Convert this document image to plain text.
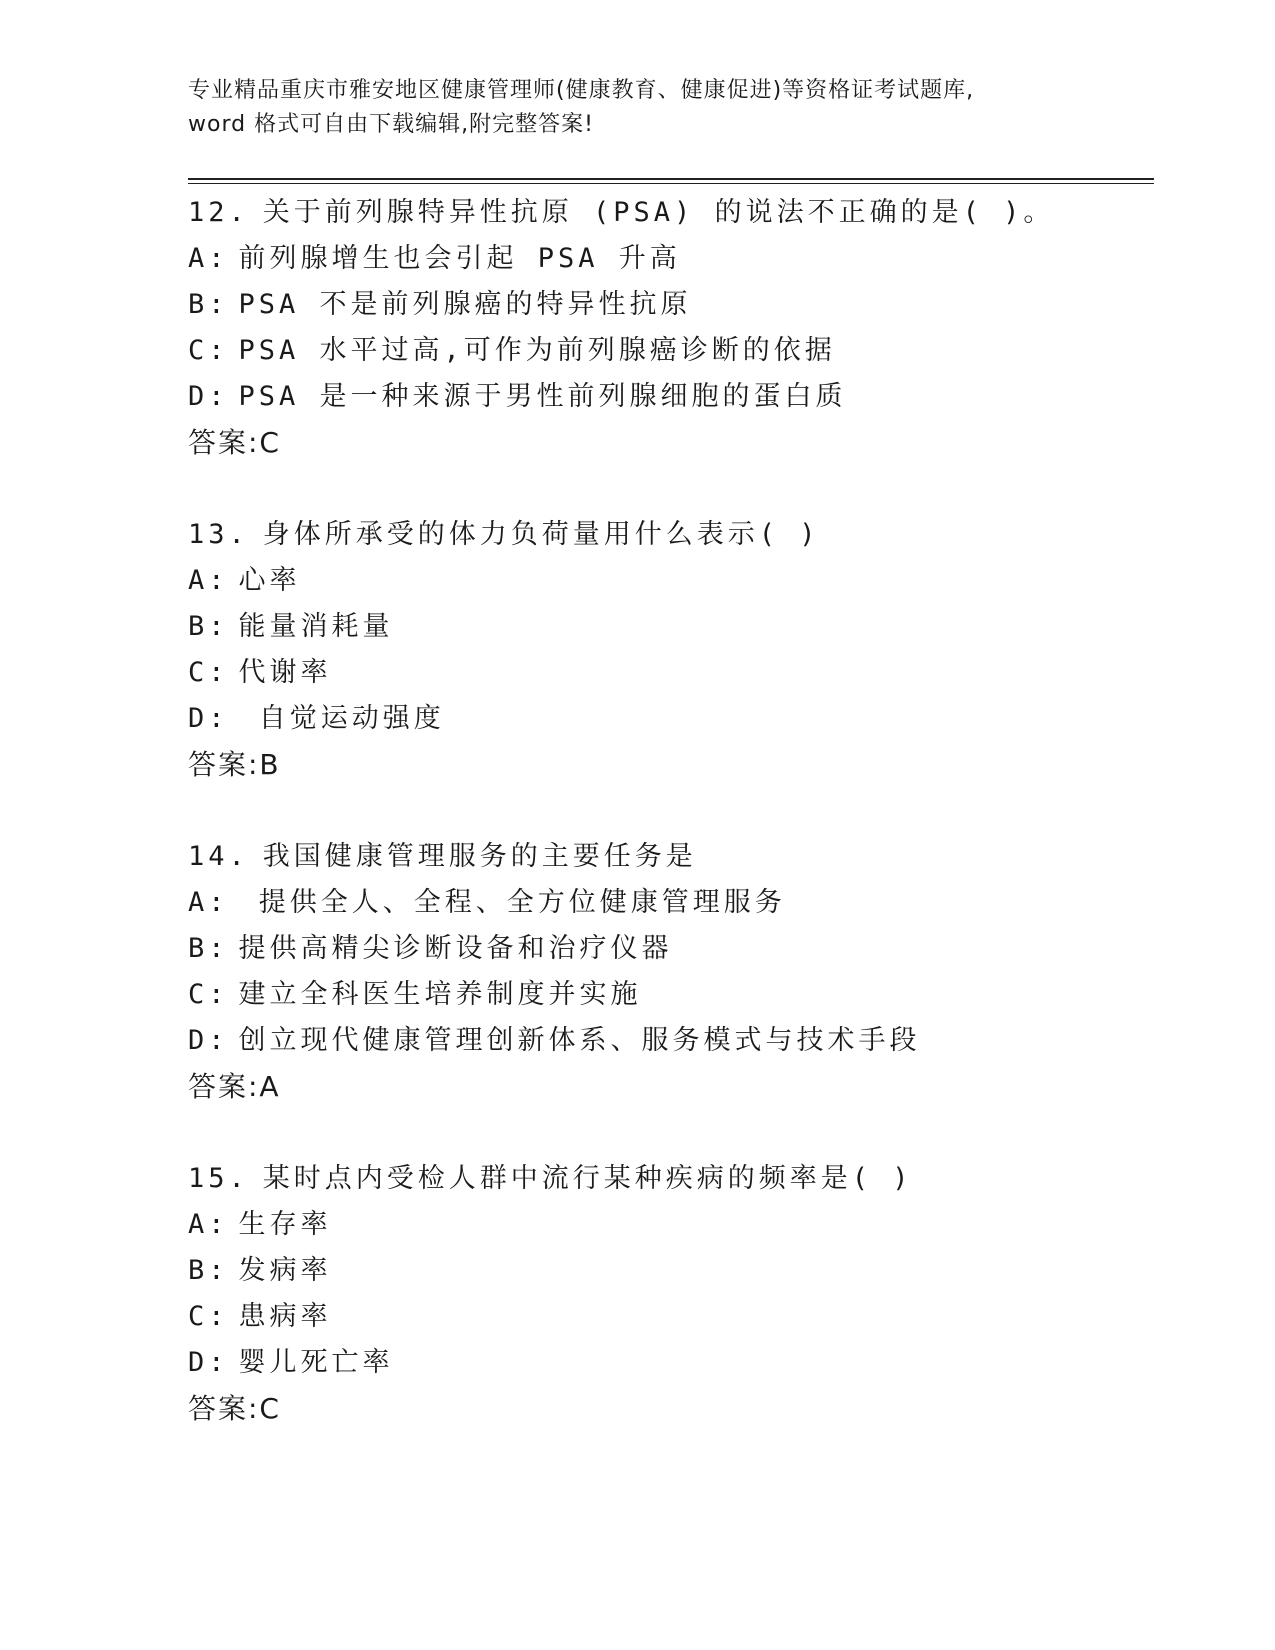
专业精品重庆市雅安地区健康管理师(健康教育、健康促进)等资格证考试题库,
word 格式可自由下载编辑,附完整答案!
12. 关于前列腺特异性抗原 (PSA) 的说法不正确的是( )。
A: 前列腺增生也会引起 PSA 升高
B: PSA 不是前列腺癌的特异性抗原
C: PSA 水平过高,可作为前列腺癌诊断的依据
D: PSA 是一种来源于男性前列腺细胞的蛋白质
答案:C
13. 身体所承受的体力负荷量用什么表示( )
A: 心率
B: 能量消耗量
C: 代谢率
D: 自觉运动强度
答案:B
14. 我国健康管理服务的主要任务是
A: 提供全人、全程、全方位健康管理服务
B: 提供高精尖诊断设备和治疗仪器
C: 建立全科医生培养制度并实施
D: 创立现代健康管理创新体系、服务模式与技术手段
答案:A
15. 某时点内受检人群中流行某种疾病的频率是( )
A: 生存率
B: 发病率
C: 患病率
D: 婴儿死亡率
答案:C
